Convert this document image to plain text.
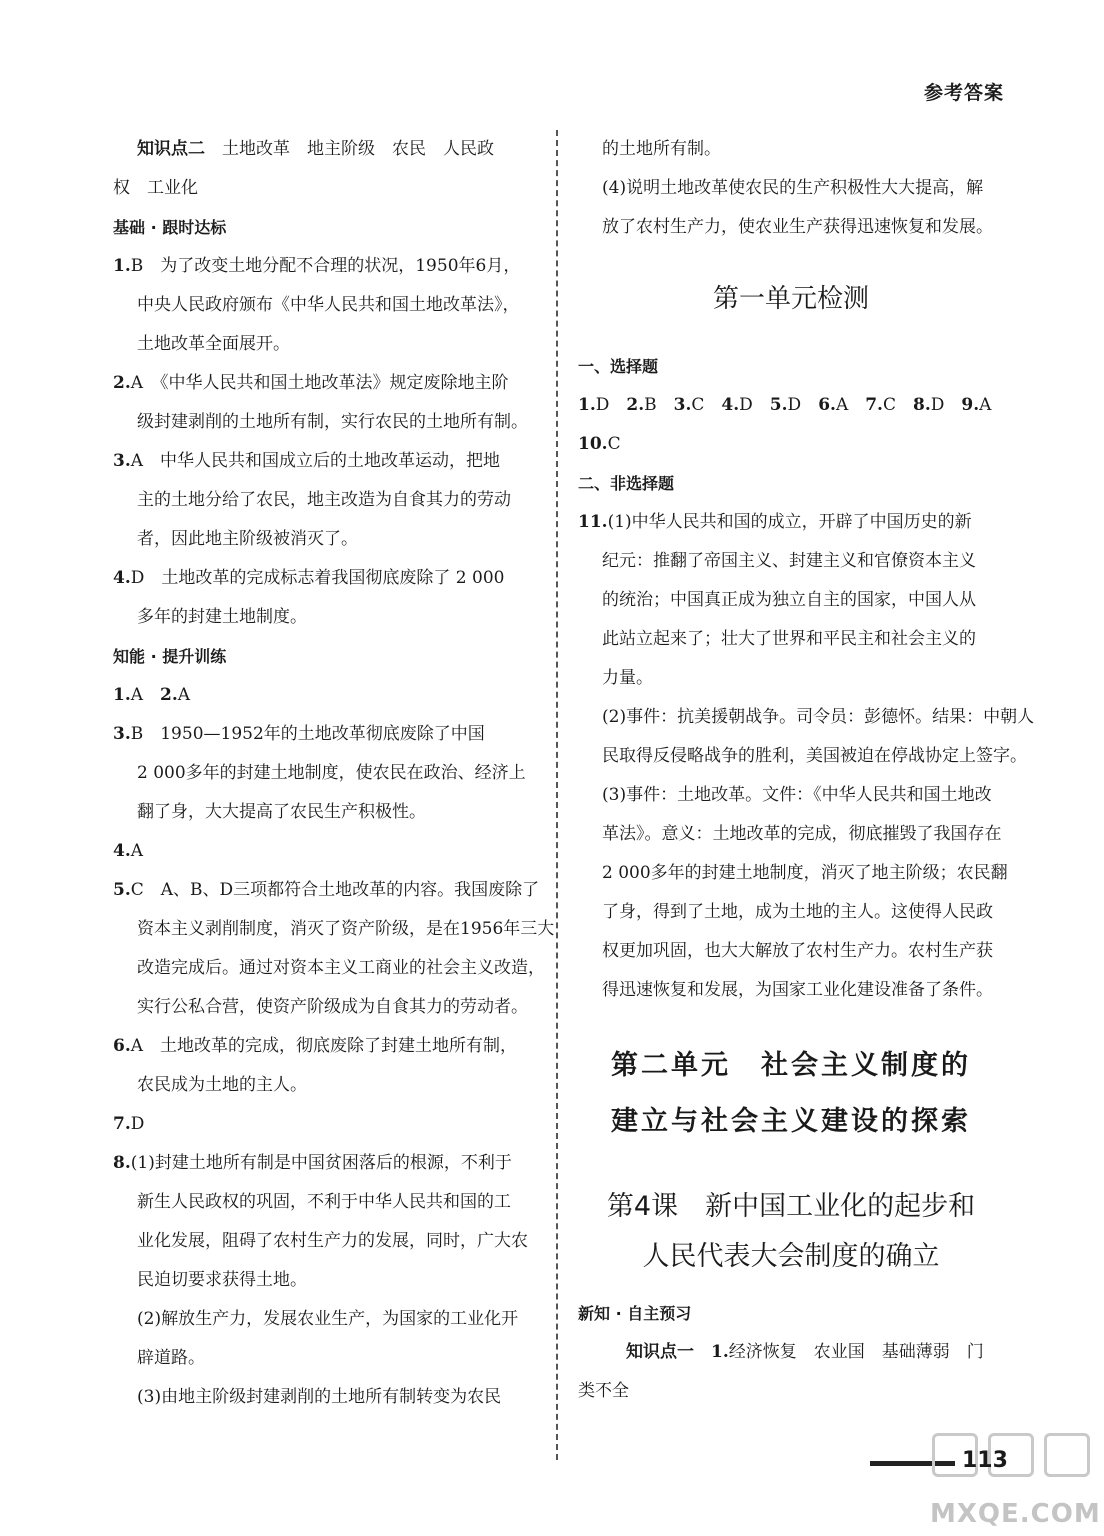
参考答案
知识点二　 土地改革　地主阶级　农民　人民政
权　工业化
基础 · 跟时达标
1.B　为了改变土地分配不合理的状况，1950年6月，
中央人民政府颁布《中华人民共和国土地改革法》，
土地改革全面展开。
2.A　《中华人民共和国土地改革法》规定废除地主阶
级封建剥削的土地所有制，实行农民的土地所有制。
3.A　中华人民共和国成立后的土地改革运动，把地
主的土地分给了农民，地主改造为自食其力的劳动
者，因此地主阶级被消灭了。
4.D　土地改革的完成标志着我国彻底废除了 2 000
多年的封建土地制度。
知能 · 提升训练
1.A　2.A
3.B　1950—1952年的土地改革彻底废除了中国
2 000多年的封建土地制度，使农民在政治、经济上
翻了身，大大提高了农民生产积极性。
4.A
5.C　A、B、D三项都符合土地改革的内容。我国废除了
资本主义剥削制度，消灭了资产阶级，是在1956年三大
改造完成后。通过对资本主义工商业的社会主义改造，
实行公私合营，使资产阶级成为自食其力的劳动者。
6.A　土地改革的完成，彻底废除了封建土地所有制，
农民成为土地的主人。
7.D
8.(1)封建土地所有制是中国贫困落后的根源，不利于
新生人民政权的巩固，不利于中华人民共和国的工
业化发展，阻碍了农村生产力的发展，同时，广大农
民迫切要求获得土地。
(2)解放生产力，发展农业生产，为国家的工业化开
辟道路。
(3)由地主阶级封建剥削的土地所有制转变为农民
的土地所有制。
(4)说明土地改革使农民的生产积极性大大提高，解
放了农村生产力，使农业生产获得迅速恢复和发展。
第一单元检测
一、选择题
1.D　 2.B　 3.C　 4.D　 5.D　 6.A　 7.C　 8.D　 9.A
10.C
二、非选择题
11.(1)中华人民共和国的成立，开辟了中国历史的新
纪元：推翻了帝国主义、封建主义和官僚资本主义
的统治；中国真正成为独立自主的国家，中国人从
此站立起来了；壮大了世界和平民主和社会主义的
力量。
(2)事件：抗美援朝战争。司令员：彭德怀。结果：中朝人
民取得反侵略战争的胜利，美国被迫在停战协定上签字。
(3)事件：土地改革。文件：《中华人民共和国土地改
革法》。意义：土地改革的完成，彻底摧毁了我国存在
2 000多年的封建土地制度，消灭了地主阶级；农民翻
了身，得到了土地，成为土地的主人。这使得人民政
权更加巩固，也大大解放了农村生产力。农村生产获
得迅速恢复和发展，为国家工业化建设准备了条件。
第二单元　社会主义制度的
建立与社会主义建设的探索
第4课　新中国工业化的起步和
人民代表大会制度的确立
新知 · 自主预习
知识点一　 1.经济恢复　农业国　基础薄弱　门
类不全
MXQE.COM
113
